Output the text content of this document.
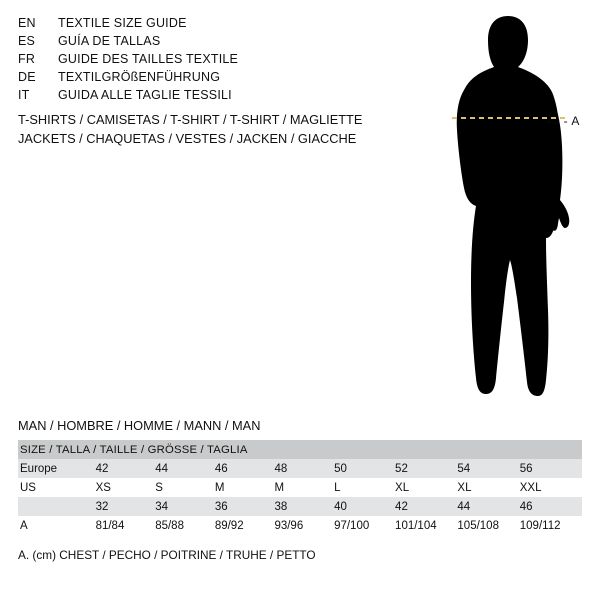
EN	TEXTILE SIZE GUIDE
ES	GUÍA DE TALLAS
FR	GUIDE DES TAILLES TEXTILE
DE	TEXTILGRÖßENFÜHRUNG
IT	GUIDA ALLE TAGLIE TESSILI
T-SHIRTS / CAMISETAS / T-SHIRT / T-SHIRT / MAGLIETTE
JACKETS / CHAQUETAS / VESTES / JACKEN / GIACCHE
- - - A
MAN / HOMBRE / HOMME / MANN / MAN
SIZE / TALLA / TAILLE / GRÖSSE / TAGLIA								
Europe	42	44	46	48	50	52	54	56
US	XS	S	M	M	L	XL	XL	XXL
	32	34	36	38	40	42	44	46
A	81/84	85/88	89/92	93/96	97/100	101/104	105/108	109/112
A. (cm) CHEST / PECHO / POITRINE / TRUHE / PETTO
